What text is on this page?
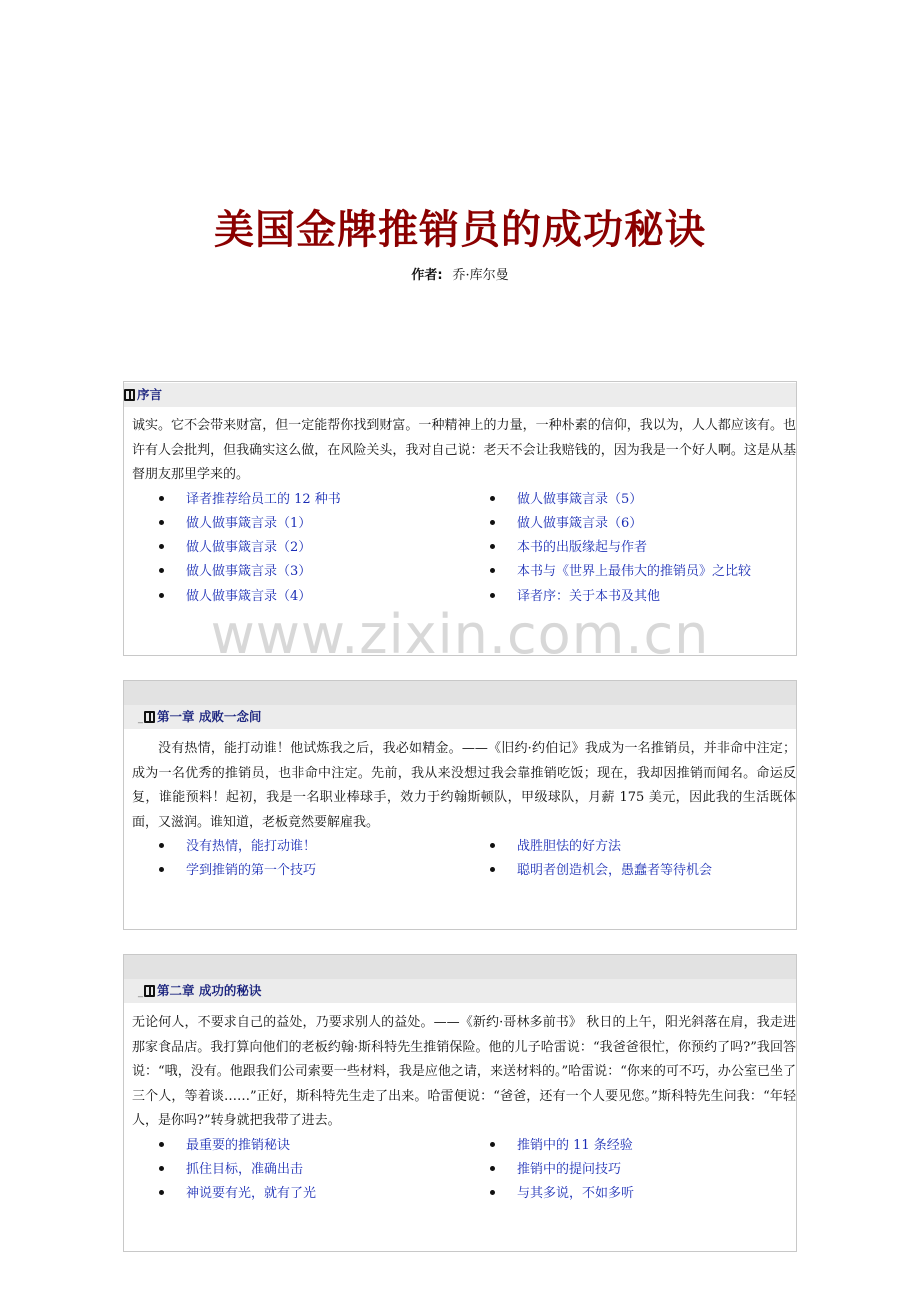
美国金牌推销员的成功秘诀
作者: 乔·库尔曼
序言
诚实。它不会带来财富，但一定能帮你找到财富。一种精神上的力量，一种朴素的信仰，我以为，人人都应该有。也许有人会批判，但我确实这么做，在风险关头，我对自己说：老天不会让我赔钱的，因为我是一个好人啊。这是从基督朋友那里学来的。
译者推荐给员工的 12 种书
做人做事箴言录（1）
做人做事箴言录（2）
做人做事箴言录（3）
做人做事箴言录（4）
做人做事箴言录（5）
做人做事箴言录（6）
本书的出版缘起与作者
本书与《世界上最伟大的推销员》之比较
译者序：关于本书及其他
_ 第一章 成败一念间
没有热情，能打动谁！他试炼我之后，我必如精金。——《旧约·约伯记》我成为一名推销员，并非命中注定；成为一名优秀的推销员，也非命中注定。先前，我从来没想过我会靠推销吃饭；现在，我却因推销而闻名。命运反复，谁能预料！起初，我是一名职业棒球手，效力于约翰斯顿队，甲级球队，月薪 175 美元，因此我的生活既体面，又滋润。谁知道，老板竟然要解雇我。
没有热情，能打动谁！
学到推销的第一个技巧
战胜胆怯的好方法
聪明者创造机会，愚蠢者等待机会
_ 第二章 成功的秘诀
无论何人，不要求自己的益处，乃要求别人的益处。——《新约·哥林多前书》 秋日的上午，阳光斜落在肩，我走进那家食品店。我打算向他们的老板约翰·斯科特先生推销保险。他的儿子哈雷说：“我爸爸很忙，你预约了吗?”我回答说：“哦，没有。他跟我们公司索要一些材料，我是应他之请，来送材料的。”哈雷说：“你来的可不巧，办公室已坐了三个人，等着谈……”正好，斯科特先生走了出来。哈雷便说：“爸爸，还有一个人要见您。”斯科特先生问我：“年轻人，是你吗?”转身就把我带了进去。
最重要的推销秘诀
抓住目标，准确出击
神说要有光，就有了光
推销中的 11 条经验
推销中的提问技巧
与其多说，不如多听
www.zixin.com.cn
